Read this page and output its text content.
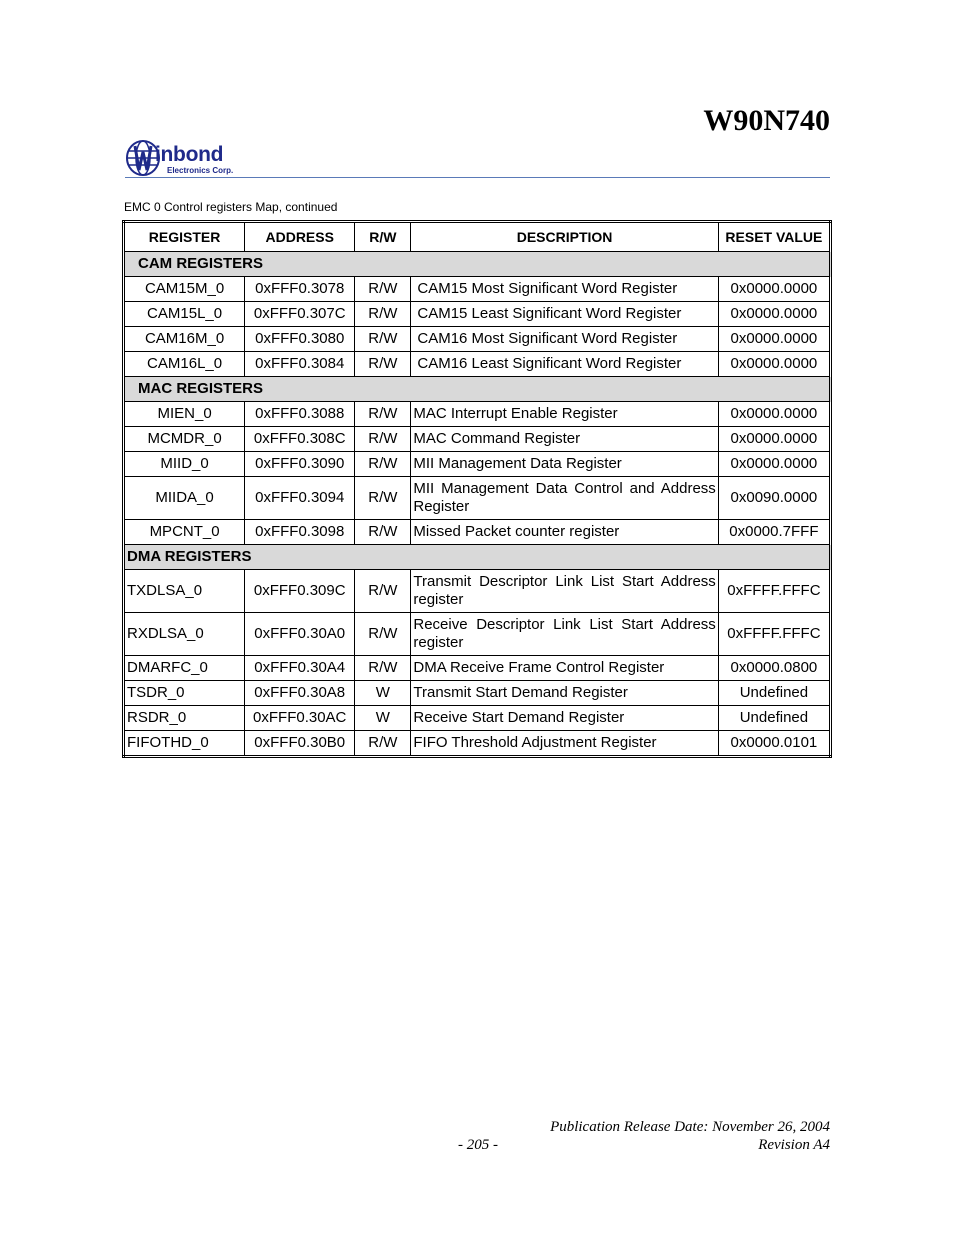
W90N740
inbond
Electronics Corp.
EMC 0 Control registers Map, continued
REGISTER	ADDRESS	R/W	DESCRIPTION	RESET VALUE
CAM REGISTERS				
CAM15M_0	0xFFF0.3078	R/W	CAM15 Most Significant Word Register	0x0000.0000
CAM15L_0	0xFFF0.307C	R/W	CAM15 Least Significant Word Register	0x0000.0000
CAM16M_0	0xFFF0.3080	R/W	CAM16 Most Significant Word Register	0x0000.0000
CAM16L_0	0xFFF0.3084	R/W	CAM16 Least Significant Word Register	0x0000.0000
MAC REGISTERS				
MIEN_0	0xFFF0.3088	R/W	MAC Interrupt Enable Register	0x0000.0000
MCMDR_0	0xFFF0.308C	R/W	MAC Command Register	0x0000.0000
MIID_0	0xFFF0.3090	R/W	MII Management Data Register	0x0000.0000
MIIDA_0	0xFFF0.3094	R/W	MII Management Data Control and Address Register	0x0090.0000
MPCNT_0	0xFFF0.3098	R/W	Missed Packet counter register	0x0000.7FFF
DMA REGISTERS				
TXDLSA_0	0xFFF0.309C	R/W	Transmit Descriptor Link List Start Address register	0xFFFF.FFFC
RXDLSA_0	0xFFF0.30A0	R/W	Receive Descriptor Link List Start Address register	0xFFFF.FFFC
DMARFC_0	0xFFF0.30A4	R/W	DMA Receive Frame Control Register	0x0000.0800
TSDR_0	0xFFF0.30A8	W	Transmit Start Demand Register	Undefined
RSDR_0	0xFFF0.30AC	W	Receive Start Demand Register	Undefined
FIFOTHD_0	0xFFF0.30B0	R/W	FIFO Threshold Adjustment Register	0x0000.0101
Publication Release Date: November 26, 2004
- 205 -	Revision A4
